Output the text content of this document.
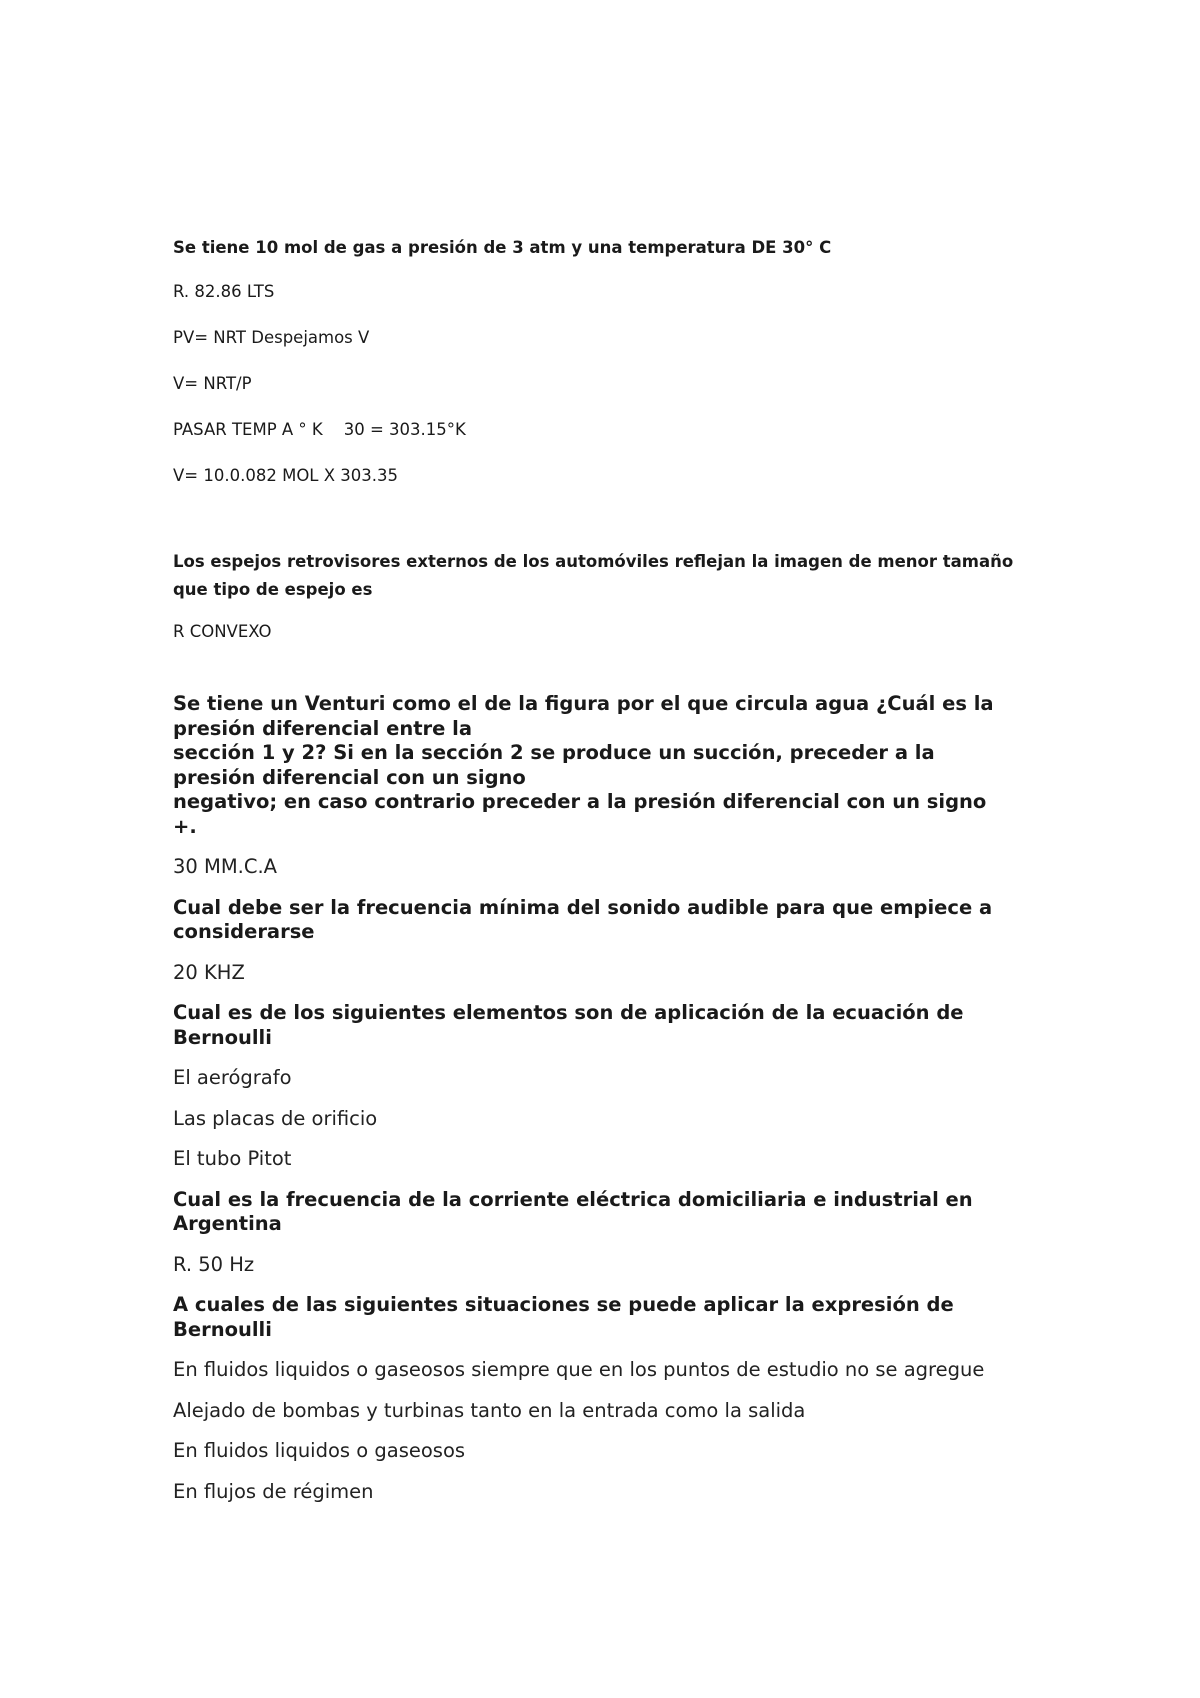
Se tiene 10 mol de gas a presión de 3 atm y una temperatura DE 30° C

R. 82.86 LTS

PV= NRT Despejamos V

V= NRT/P

PASAR TEMP A ° K    30 = 303.15°K

V= 10.0.082 MOL X 303.35

Los espejos retrovisores externos de los automóviles reflejan la imagen de menor tamaño

que tipo de espejo es

R CONVEXO

Se tiene un Venturi como el de la figura por el que circula agua ¿Cuál es la

presión diferencial entre la

sección 1 y 2? Si en la sección 2 se produce un succión, preceder a la

presión diferencial con un signo

negativo; en caso contrario preceder a la presión diferencial con un signo

+.

30 MM.C.A

Cual debe ser la frecuencia mínima del sonido audible para que empiece a

considerarse

20 KHZ

Cual es de los siguientes elementos son de aplicación de la ecuación de

Bernoulli

El aerógrafo

Las placas de orificio

El tubo Pitot

Cual es la frecuencia de la corriente eléctrica domiciliaria e industrial en

Argentina

R. 50 Hz

A cuales de las siguientes situaciones se puede aplicar la expresión de

Bernoulli

En fluidos liquidos o gaseosos siempre que en los puntos de estudio no se agregue

Alejado de bombas y turbinas tanto en la entrada como la salida

En fluidos liquidos o gaseosos

En flujos de régimen
